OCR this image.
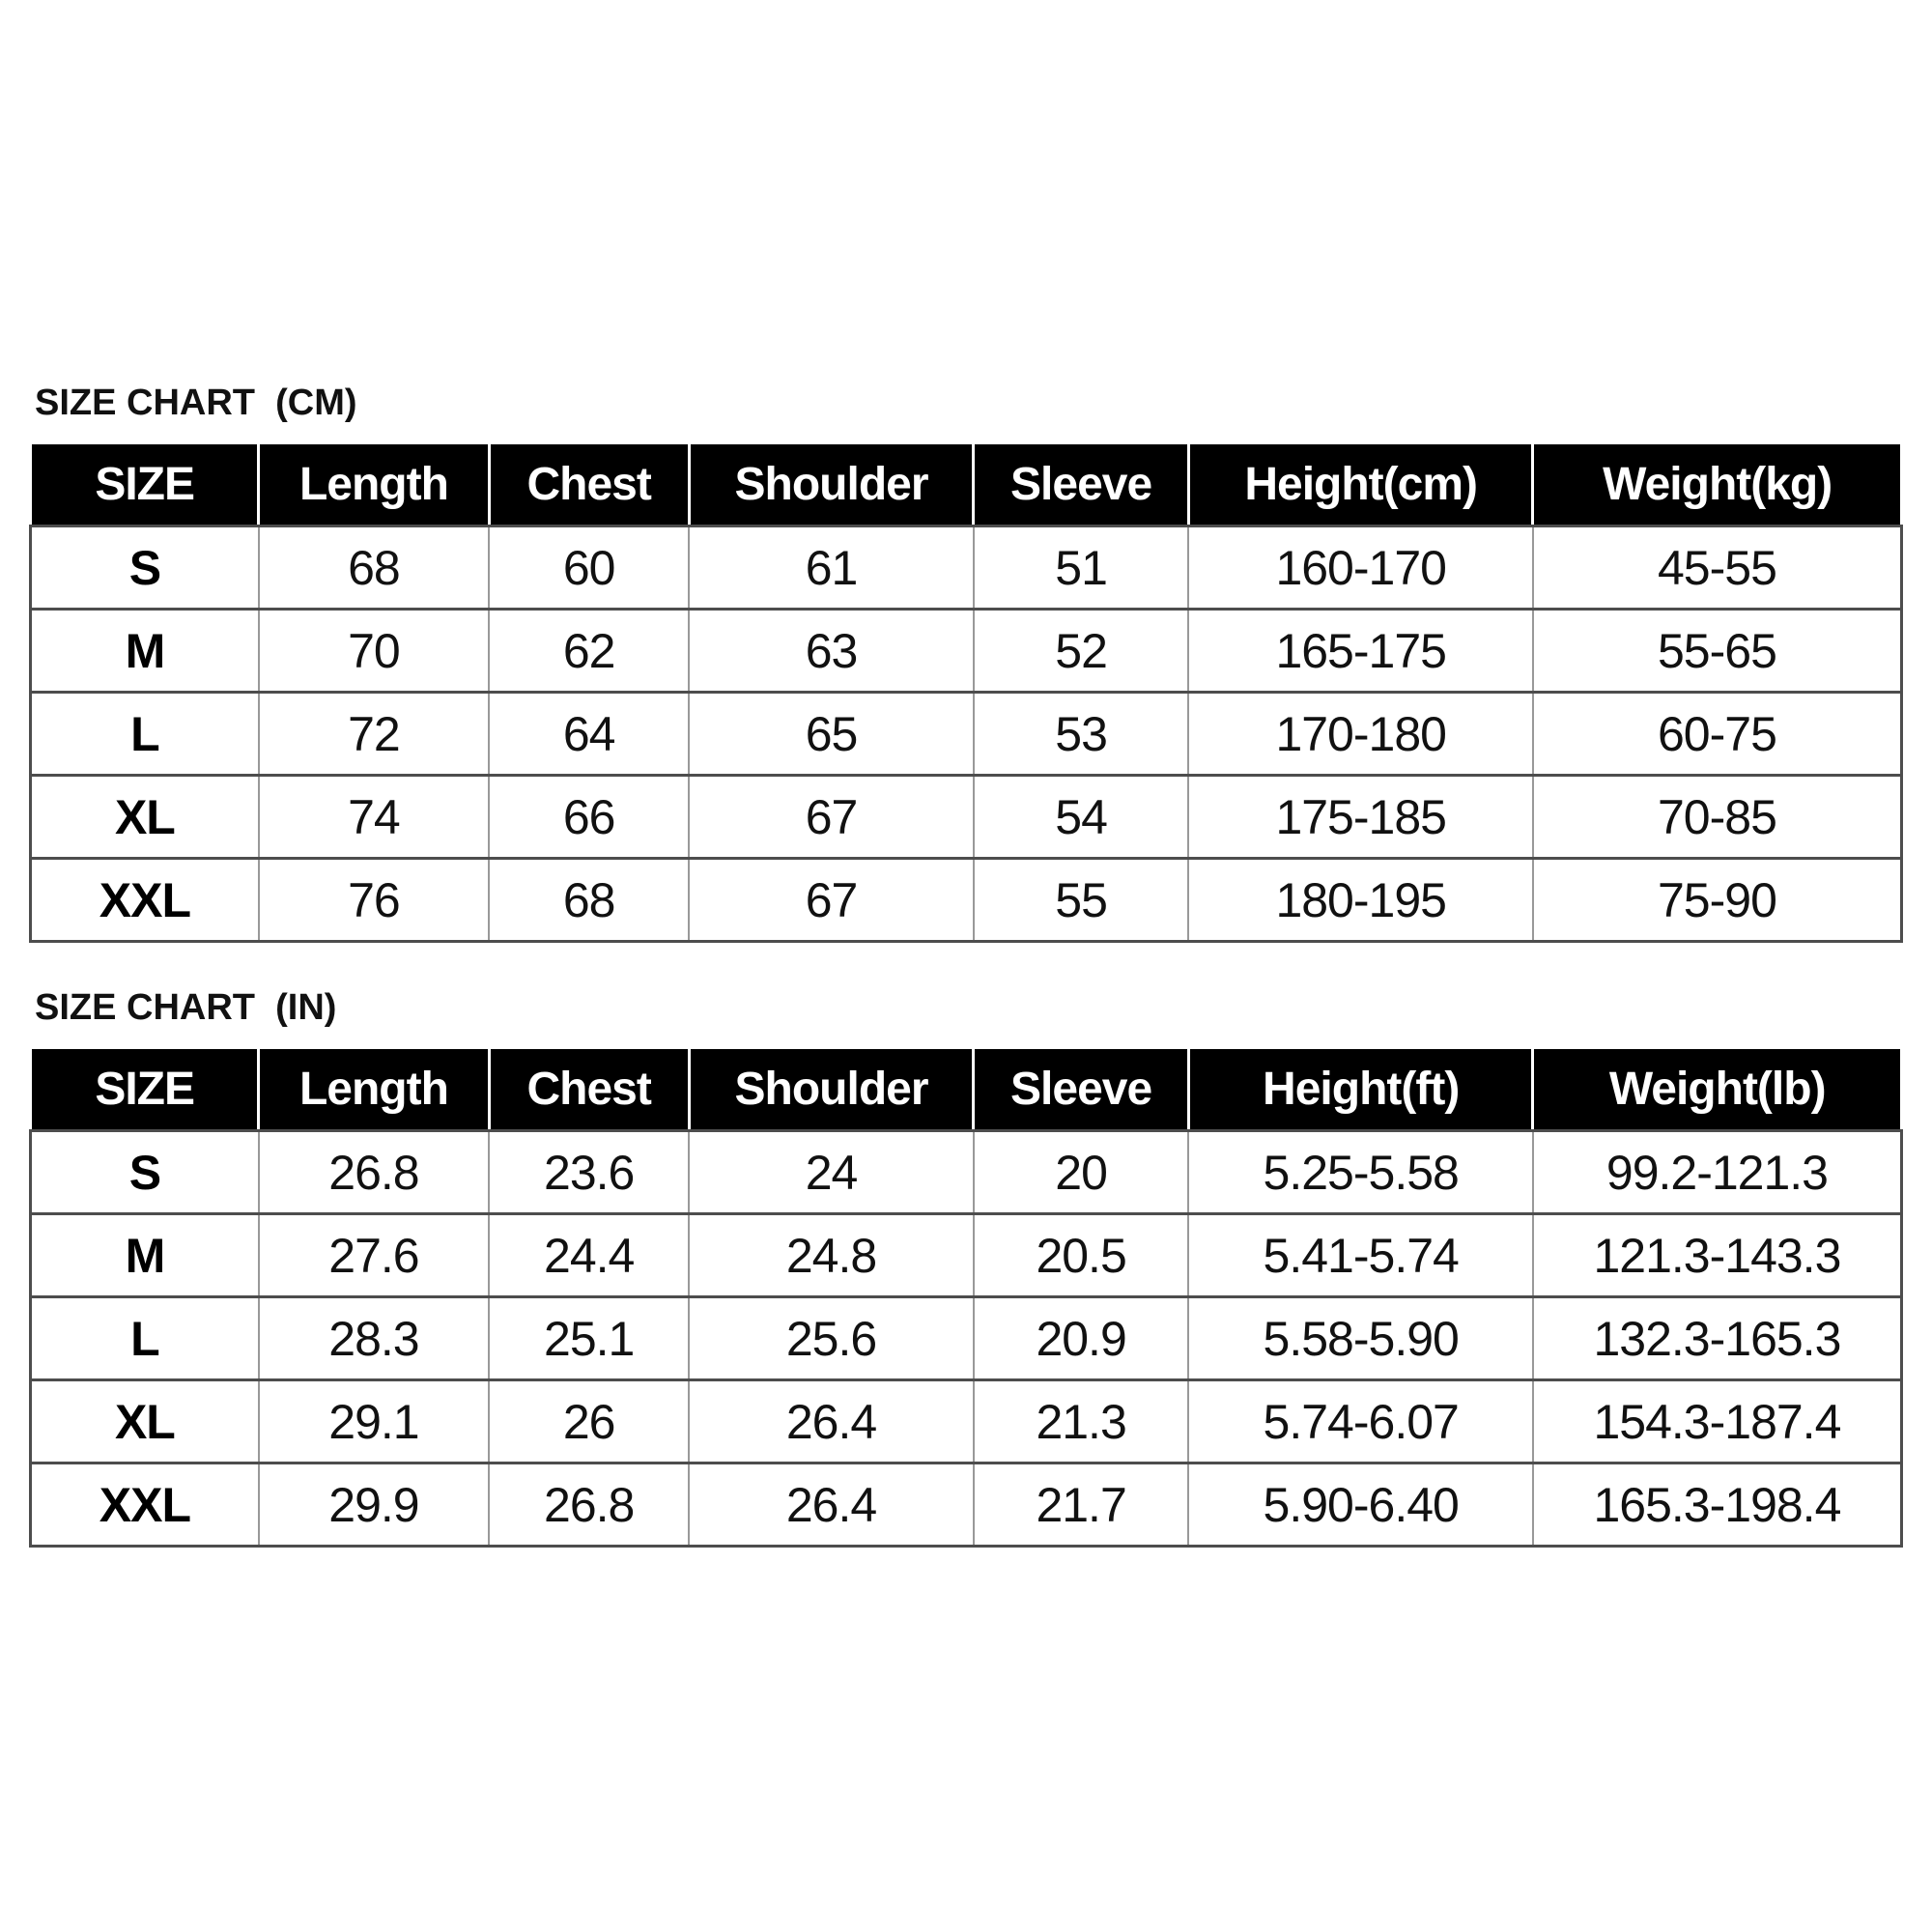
SIZE CHART  (CM)
SIZE	Length	Chest	Shoulder	Sleeve	Height(cm)	Weight(kg)
S	68	60	61	51	160-170	45-55
M	70	62	63	52	165-175	55-65
L	72	64	65	53	170-180	60-75
XL	74	66	67	54	175-185	70-85
XXL	76	68	67	55	180-195	75-90
SIZE CHART  (IN)
SIZE	Length	Chest	Shoulder	Sleeve	Height(ft)	Weight(lb)
S	26.8	23.6	24	20	5.25-5.58	99.2-121.3
M	27.6	24.4	24.8	20.5	5.41-5.74	121.3-143.3
L	28.3	25.1	25.6	20.9	5.58-5.90	132.3-165.3
XL	29.1	26	26.4	21.3	5.74-6.07	154.3-187.4
XXL	29.9	26.8	26.4	21.7	5.90-6.40	165.3-198.4
